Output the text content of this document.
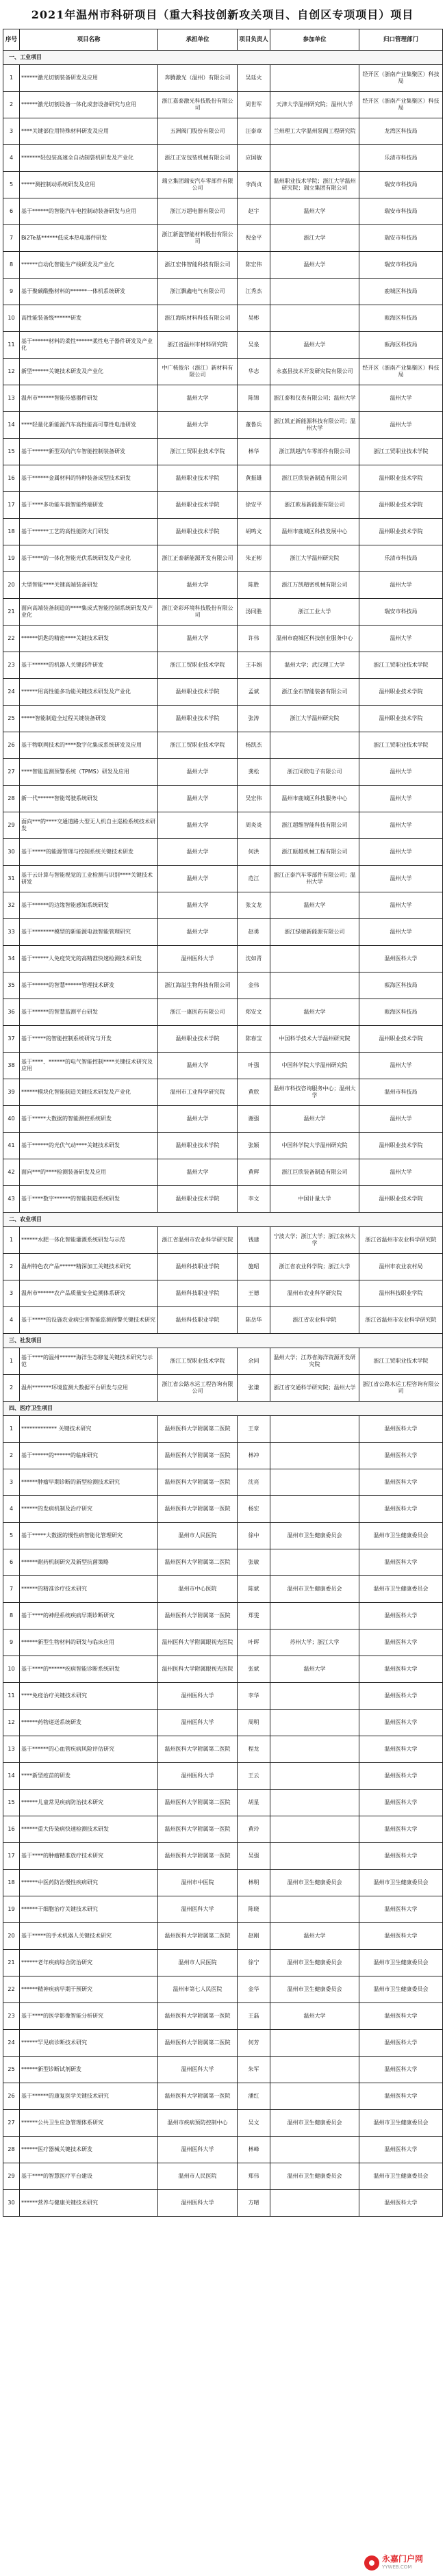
2021年温州市科研项目（重大科技创新攻关项目、自创区专项项目）项目
序号	项目名称	承担单位	项目负责人	参加单位	归口管理部门
一、工业项目					
1	******激光切割装备研发及应用	奔腾激光（温州）有限公司	吴廷火		经开区（浙南产业集聚区）科技局
2	******激光切割设备一体化成套设备研究与应用	浙江嘉泰激光科技股份有限公司	周世军	天津大学温州研究院；温州大学	经开区（浙南产业集聚区）科技局
3	****关键部位用特殊材料研发及应用	五洲阀门股份有限公司	汪泰章	兰州理工大学温州泵阀工程研究院	龙湾区科技局
4	*******轻包装高速全自动制袋机研发及产业化	浙江正安包装机械有限公司	应国敏		乐清市科技局
5	*****测控制动系统研发及应用	瑞立集团瑞安汽车零部件有限公司	李尚贞	温州职业技术学院；浙江大学温州研究院；瑞立集团有限公司	瑞安市科技局
6	基于******的智能汽车电控制动装备研发与应用	浙江万超电器有限公司	赵宇	温州大学	瑞安市科技局
7	Bi2Te基******低成本热电器件研发	浙江新瓷智能材料股份有限公司	倪金平	浙江大学	瑞安市科技局
8	******自动化智能生产线研发及产业化	浙江宏伟智能科技有限公司	陈宏伟	温州大学	瑞安市科技局
9	基于聚碳酸酯材料的******一体机系统研发	浙江飘鑫电气有限公司	江秀杰		鹿城区科技局
10	高性能装备级******研发	浙江海航材料科技有限公司	吴彬		瓯海区科技局
11	基于******材料的柔性******柔性电子器件研发及产业化	浙江省温州市材料研究院	吴泉	温州大学	瓯海区科技局
12	新型******关键技术研发及产业化	中广核俊尔（浙江）新材料有限公司	华志	永嘉县技术开发研究院有限公司	经开区（浙南产业集聚区）科技局
13	温州市******智能传感器件研发	温州大学	陈锦	浙江泰和仪表有限公司；温州大学	温州大学
14	****轻量化新能源汽车高性能高可靠性电池研发	温州大学	董鲁兵	浙江凯正新能源科技有限公司；温州大学	温州大学
15	基于******新型双向汽车智能控制装备研发	浙江工贸职业技术学院	林华	浙江凯越汽车零部件有限公司	浙江工贸职业技术学院
16	基于******金属材料的特种装备成型技术研发	温州职业技术学院	黄振雄	浙江巨欣装备制造有限公司	温州职业技术学院
17	基于****多功能车载智能终端研发	温州职业技术学院	徐安平	浙江欧易新能源有限公司	温州职业技术学院
18	基于******工艺的高性能防火门研发	温州职业技术学院	胡鸣文	温州市鹿城区科技发展中心	温州职业技术学院
19	基于****的一体化智能光伏系统研发及产业化	浙江正泰新能源开发有限公司	朱正彬	浙江大学温州研究院	乐清市科技局
20	大型智能****关键高端装备研发	温州大学	陈胜	浙江万凯精密机械有限公司	温州大学
21	面向高端装备制造的****集成式智能控制系统研发及产业化	浙江奇彩环境科技股份有限公司	汤同胜	浙江工业大学	瑞安市科技局
22	******钥匙的精密****关键技术研发	温州大学	许伟	温州市鹿城区科技创业服务中心	温州大学
23	基于******的机器人关键部件研发	浙江工贸职业技术学院	王丰娟	温州大学；武汉理工大学	浙江工贸职业技术学院
24	******用高性能多功能关键技术研发及产业化	温州职业技术学院	孟斌	浙江金石智能装备有限公司	温州职业技术学院
25	*****智能制造全过程关键装备研发	温州职业技术学院	张涛	浙江大学温州研究院	温州职业技术学院
26	基于物联网技术的****数字化集成系统研发及应用	浙江工贸职业技术学院	杨凯杰		浙江工贸职业技术学院
27	****智能监测预警系统（TPMS）研发及应用	温州大学	龚松	浙江同欣电子有限公司	温州大学
28	新一代******智能驾驶系统研发	温州大学	吴宏伟	温州市鹿城区科技服务中心	温州大学
29	面向***的****交通道路大型无人机自主巡检系统技术研发	温州大学	周炎炎	浙江超维智能科技有限公司	温州大学
30	基于*****的能源管理与控制系统关键技术研发	温州大学	何洪	浙江瓯越机械工程有限公司	温州大学
31	基于云计算与智能视觉的工业检测与识别****关键技术研发	温州大学	范江	浙江正泰汽车零部件有限公司；温州大学	温州大学
32	基于******的边缘智能感知系统研发	温州大学	张文龙	温州大学	温州大学
33	基于********模型的新能源电池智能管理研究	温州大学	赵勇	浙江绿驰新能源有限公司	温州大学
34	基于******人免疫荧光的高精准快速检测技术研发	温州医科大学	沈如青		温州医科大学
35	基于******的智慧******管理技术研发	浙江海溢生物科技有限公司	金伟		瓯海区科技局
36	基于******的智慧监测平台研发	浙江一康医药有限公司	郑安文	温州大学	瓯海区科技局
37	基于*****的智能控制系统研究与开发	温州职业技术学院	陈春宝	中国科学技术大学温州研究院	温州职业技术学院
38	基于****、******的电气智能控制****关键技术研究及应用	温州大学	叶强	中国科学院大学温州研究院	温州大学
39	******模块化智能制造关键技术研发及产业化	温州市工业科学研究院	黄欣	温州市科技咨询服务中心；温州大学	温州市科技局
40	基于*****大数据的智能测控系统研发	温州大学	谢强	温州大学	温州大学
41	基于******的光伏气动****关键技术研发	温州职业技术学院	张颖	中国科学院大学温州研究院	温州职业技术学院
42	面向***的****检测装备研发及应用	温州大学	黄辉	浙江巨欣装备制造有限公司	温州大学
43	基于****数字******的智能制造系统研发	温州职业技术学院	李文	中国计量大学	温州职业技术学院
二、农业项目					
1	******水肥一体化智能灌溉系统研发与示范	浙江省温州市农业科学研究院	钱建	宁波大学；浙江大学；浙江农林大学	浙江省温州市农业科学研究院
2	温州特色农产品******精深加工关键技术研究	温州科技职业学院	施昭	浙江省农业科学院；浙江大学	温州市农业农村局
3	温州市******农产品质量安全追溯体系研究	温州科技职业学院	王德	温州市农业科学研究院	温州科技职业学院
4	基于*****的设施农业病虫害智能监测预警关键技术研究	温州科技职业学院	陈岳华	浙江省农业科学院	浙江省温州市农业科学研究院
三、社发项目					
1	基于****的温州******海洋生态修复关键技术研究与示范	浙江工贸职业技术学院	余同	温州大学；江苏省海洋资源开发研究院	浙江工贸职业技术学院
2	温州*******环境监测大数据平台研发与应用	浙江省公路水运工程咨询有限公司	张谦	浙江省交通科学研究院；温州大学	浙江省公路水运工程咨询有限公司
四、医疗卫生项目					
1	************* 关键技术研究	温州医科大学附属第二医院	王章		温州医科大学
2	基于******的******的临床研究	温州医科大学附属第一医院	林冲		温州医科大学
3	******肿瘤早期诊断的新型检测技术研究	温州医科大学附属第一医院	沈亮		温州医科大学
4	******的发病机制及治疗研究	温州医科大学附属第一医院	杨宏		温州医科大学
5	基于*****大数据的慢性病智能化管理研究	温州市人民医院	徐中	温州市卫生健康委员会	温州市卫生健康委员会
6	******耐药机制研究及新型抗菌策略	温州医科大学附属第二医院	张敏		温州医科大学
7	******的精准诊疗技术研究	温州市中心医院	陈斌	温州市卫生健康委员会	温州市卫生健康委员会
8	基于****的神经系统疾病早期诊断研究	温州医科大学附属第一医院	郑雯		温州医科大学
9	******新型生物材料的研发与临床应用	温州医科大学附属眼视光医院	叶晖	苏州大学；浙江大学	温州医科大学
10	基于****的******疾病智能诊断系统研发	温州医科大学附属眼视光医院	张斌	温州大学	温州医科大学
11	****免疫治疗关键技术研究	温州医科大学	李华		温州医科大学
12	******药物递送系统研发	温州医科大学	周明		温州医科大学
13	基于******的心血管疾病风险评估研究	温州医科大学附属第二医院	程龙		温州医科大学
14	****新型疫苗的研发	温州医科大学	王云		温州医科大学
15	******儿童常见疾病防治技术研究	温州医科大学附属第二医院	胡星		温州医科大学
16	******重大传染病快速检测技术研发	温州医科大学附属第一医院	黄玲		温州医科大学
17	基于****的肿瘤精准放疗技术研究	温州医科大学附属第一医院	吴强		温州医科大学
18	******中医药防治慢性疾病研究	温州市中医院	林明	温州市卫生健康委员会	温州市卫生健康委员会
19	******干细胞治疗关键技术研究	温州医科大学	陈晓		温州医科大学
20	基于*****的手术机器人关键技术研究	温州医科大学附属第二医院	赵刚	温州大学	温州医科大学
21	******老年疾病综合防治研究	温州市人民医院	徐宁	温州市卫生健康委员会	温州市卫生健康委员会
22	******精神疾病早期干预研究	温州市第七人民医院	金华	温州市卫生健康委员会	温州市卫生健康委员会
23	基于****的医学影像智能分析研究	温州医科大学附属第一医院	王磊	温州大学	温州医科大学
24	******罕见病诊断技术研究	温州医科大学附属第二医院	何芳		温州医科大学
25	******新型诊断试剂研发	温州医科大学	朱军		温州医科大学
26	基于******的康复医学关键技术研究	温州医科大学附属第一医院	潘红		温州医科大学
27	******公共卫生应急管理体系研究	温州市疾病预防控制中心	吴文	温州市卫生健康委员会	温州市卫生健康委员会
28	******医疗器械关键技术研发	温州医科大学	林峰		温州医科大学
29	基于****的智慧医疗平台建设	温州市人民医院	郑伟	温州市卫生健康委员会	温州市卫生健康委员会
30	******营养与健康关键技术研究	温州医科大学	方晴		温州医科大学
永嘉门户网
YYWEB.COM
